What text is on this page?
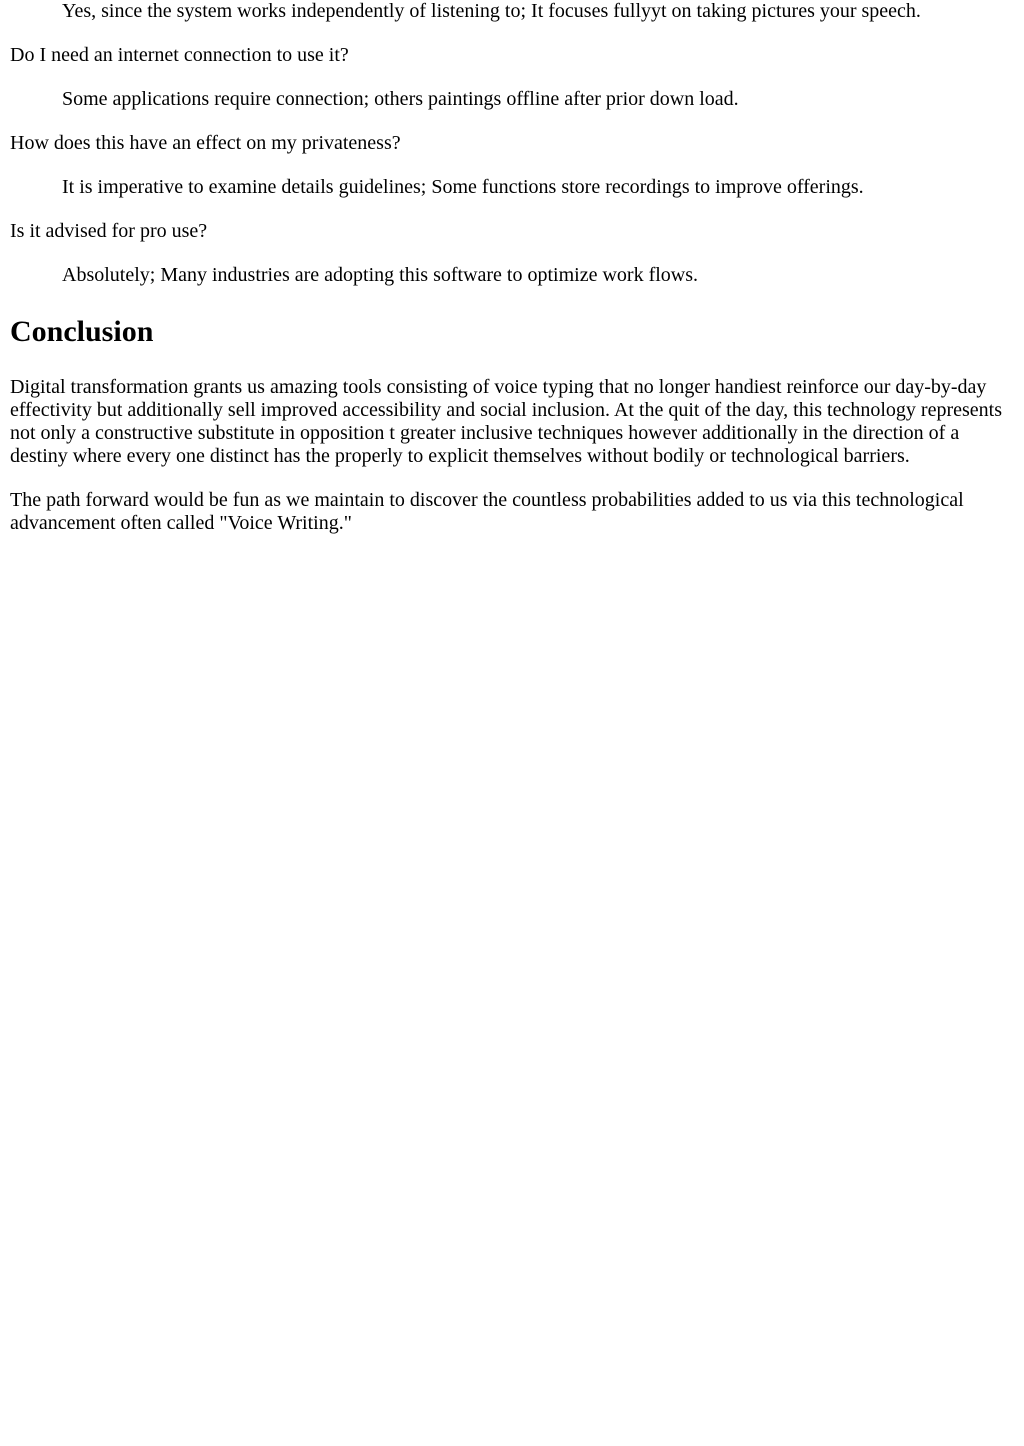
Yes, since the system works independently of listening to; It focuses fullyyt on taking pictures your speech.
Do I need an internet connection to use it?
Some applications require connection; others paintings offline after prior down load.
How does this have an effect on my privateness?
It is imperative to examine details guidelines; Some functions store recordings to improve offerings.
Is it advised for pro use?
Absolutely; Many industries are adopting this software to optimize work flows.
Conclusion

Digital transformation grants us amazing tools consisting of voice typing that no longer handiest reinforce our day-by-day effectivity but additionally sell improved accessibility and social inclusion. At the quit of the day, this technology represents not only a constructive substitute in opposition t greater inclusive techniques however additionally in the direction of a destiny where every one distinct has the properly to explicit themselves without bodily or technological barriers.

The path forward would be fun as we maintain to discover the countless probabilities added to us via this technological advancement often called "Voice Writing."
